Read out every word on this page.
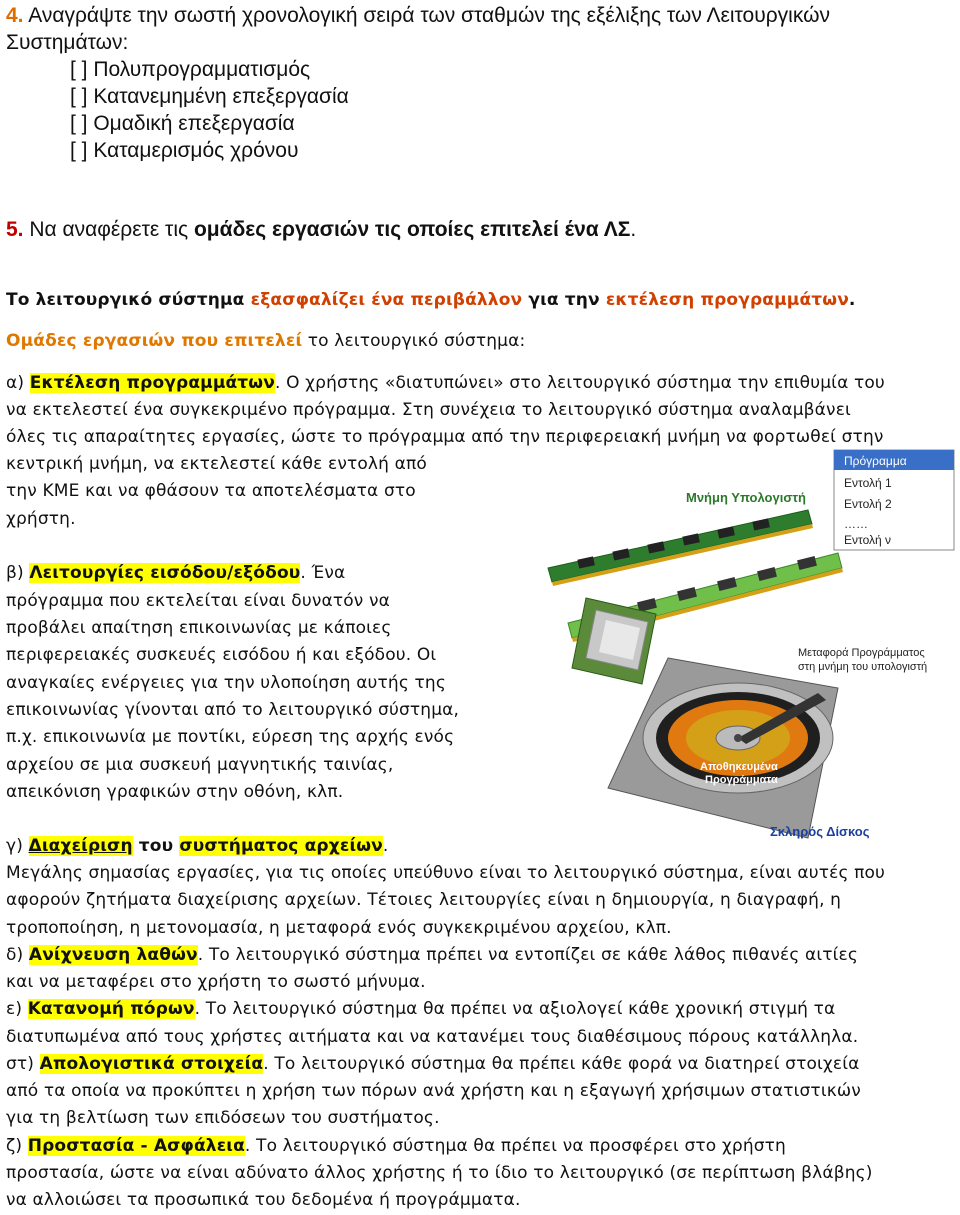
4. Αναγράψτε την σωστή χρονολογική σειρά των σταθμών της εξέλιξης των Λειτουργικών Συστημάτων:
[ ] Πολυπρογραμματισμός
[ ] Κατανεμημένη επεξεργασία
[ ] Ομαδική επεξεργασία
[ ] Καταμερισμός χρόνου
5. Να αναφέρετε τις ομάδες εργασιών τις οποίες επιτελεί ένα ΛΣ.
Το λειτουργικό σύστημα εξασφαλίζει ένα περιβάλλον για την εκτέλεση προγραμμάτων.
Ομάδες εργασιών που επιτελεί το λειτουργικό σύστημα:
α) Εκτέλεση προγραμμάτων. Ο χρήστης «διατυπώνει» στο λειτουργικό σύστημα την επιθυμία του
να εκτελεστεί ένα συγκεκριμένο πρόγραμμα. Στη συνέχεια το λειτουργικό σύστημα αναλαμβάνει
όλες τις απαραίτητες εργασίες, ώστε το πρόγραμμα από την περιφερειακή μνήμη να φορτωθεί στην
κεντρική μνήμη, να εκτελεστεί κάθε εντολή από
την ΚΜΕ και να φθάσουν τα αποτελέσματα στο
χρήστη.
β) Λειτουργίες εισόδου/εξόδου. Ένα
πρόγραμμα που εκτελείται είναι δυνατόν να
προβάλει απαίτηση επικοινωνίας με κάποιες
περιφερειακές συσκευές εισόδου ή και εξόδου. Οι
αναγκαίες ενέργειες για την υλοποίηση αυτής της
επικοινωνίας γίνονται από το λειτουργικό σύστημα,
π.χ. επικοινωνία με ποντίκι, εύρεση της αρχής ενός
αρχείου σε μια συσκευή μαγνητικής ταινίας,
απεικόνιση γραφικών στην οθόνη, κλπ.
γ) Διαχείριση του συστήματος αρχείων.
Μεγάλης σημασίας εργασίες, για τις οποίες υπεύθυνο είναι το λειτουργικό σύστημα, είναι αυτές που
αφορούν ζητήματα διαχείρισης αρχείων. Τέτοιες λειτουργίες είναι η δημιουργία, η διαγραφή, η
τροποποίηση, η μετονομασία, η μεταφορά ενός συγκεκριμένου αρχείου, κλπ.
δ) Ανίχνευση λαθών. Το λειτουργικό σύστημα πρέπει να εντοπίζει σε κάθε λάθος πιθανές αιτίες
και να μεταφέρει στο χρήστη το σωστό μήνυμα.
ε) Κατανομή πόρων. Το λειτουργικό σύστημα θα πρέπει να αξιολογεί κάθε χρονική στιγμή τα
διατυπωμένα από τους χρήστες αιτήματα και να κατανέμει τους διαθέσιμους πόρους κατάλληλα.
στ) Απολογιστικά στοιχεία. Το λειτουργικό σύστημα θα πρέπει κάθε φορά να διατηρεί στοιχεία
από τα οποία να προκύπτει η χρήση των πόρων ανά χρήστη και η εξαγωγή χρήσιμων στατιστικών
για τη βελτίωση των επιδόσεων του συστήματος.
ζ) Προστασία - Ασφάλεια. Το λειτουργικό σύστημα θα πρέπει να προσφέρει στο χρήστη
προστασία, ώστε να είναι αδύνατο άλλος χρήστης ή το ίδιο το λειτουργικό (σε περίπτωση βλάβης)
να αλλοιώσει τα προσωπικά του δεδομένα ή προγράμματα.
Πρόγραμμα
Εντολή 1
Εντολή 2
……
Εντολή ν
Μνήμη Υπολογιστή
Μεταφορά Προγράμματος
στη μνήμη του υπολογιστή
Αποθηκευμένα
Προγράμματα
Σκληρός Δίσκος
